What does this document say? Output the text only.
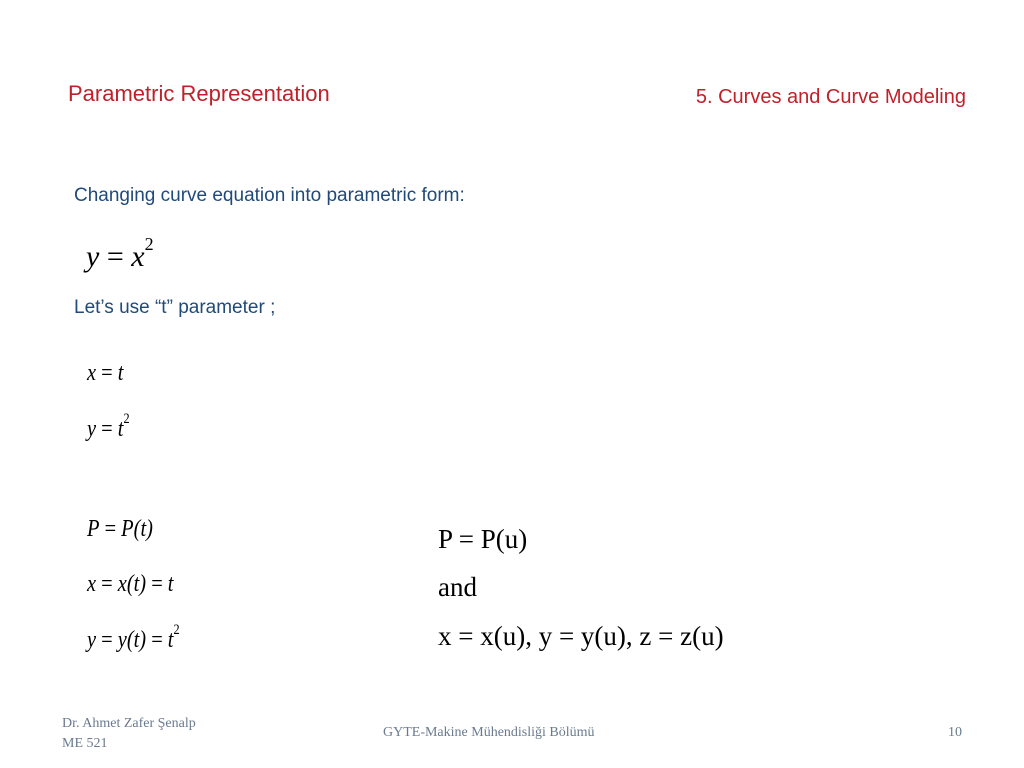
Parametric Representation	5. Curves and Curve Modeling
Changing curve equation into parametric form:
$y = x^2$
Let’s use “t” parameter ;
x = t
$y = t^2$
P = P(t)
x = x(t) = t
$y = y(t) = t^2$
P = P(u)
and
x = x(u), y = y(u), z = z(u)
Dr. Ahmet Zafer Şenalp
ME 521
GYTE-Makine Mühendisliği Bölümü	10
